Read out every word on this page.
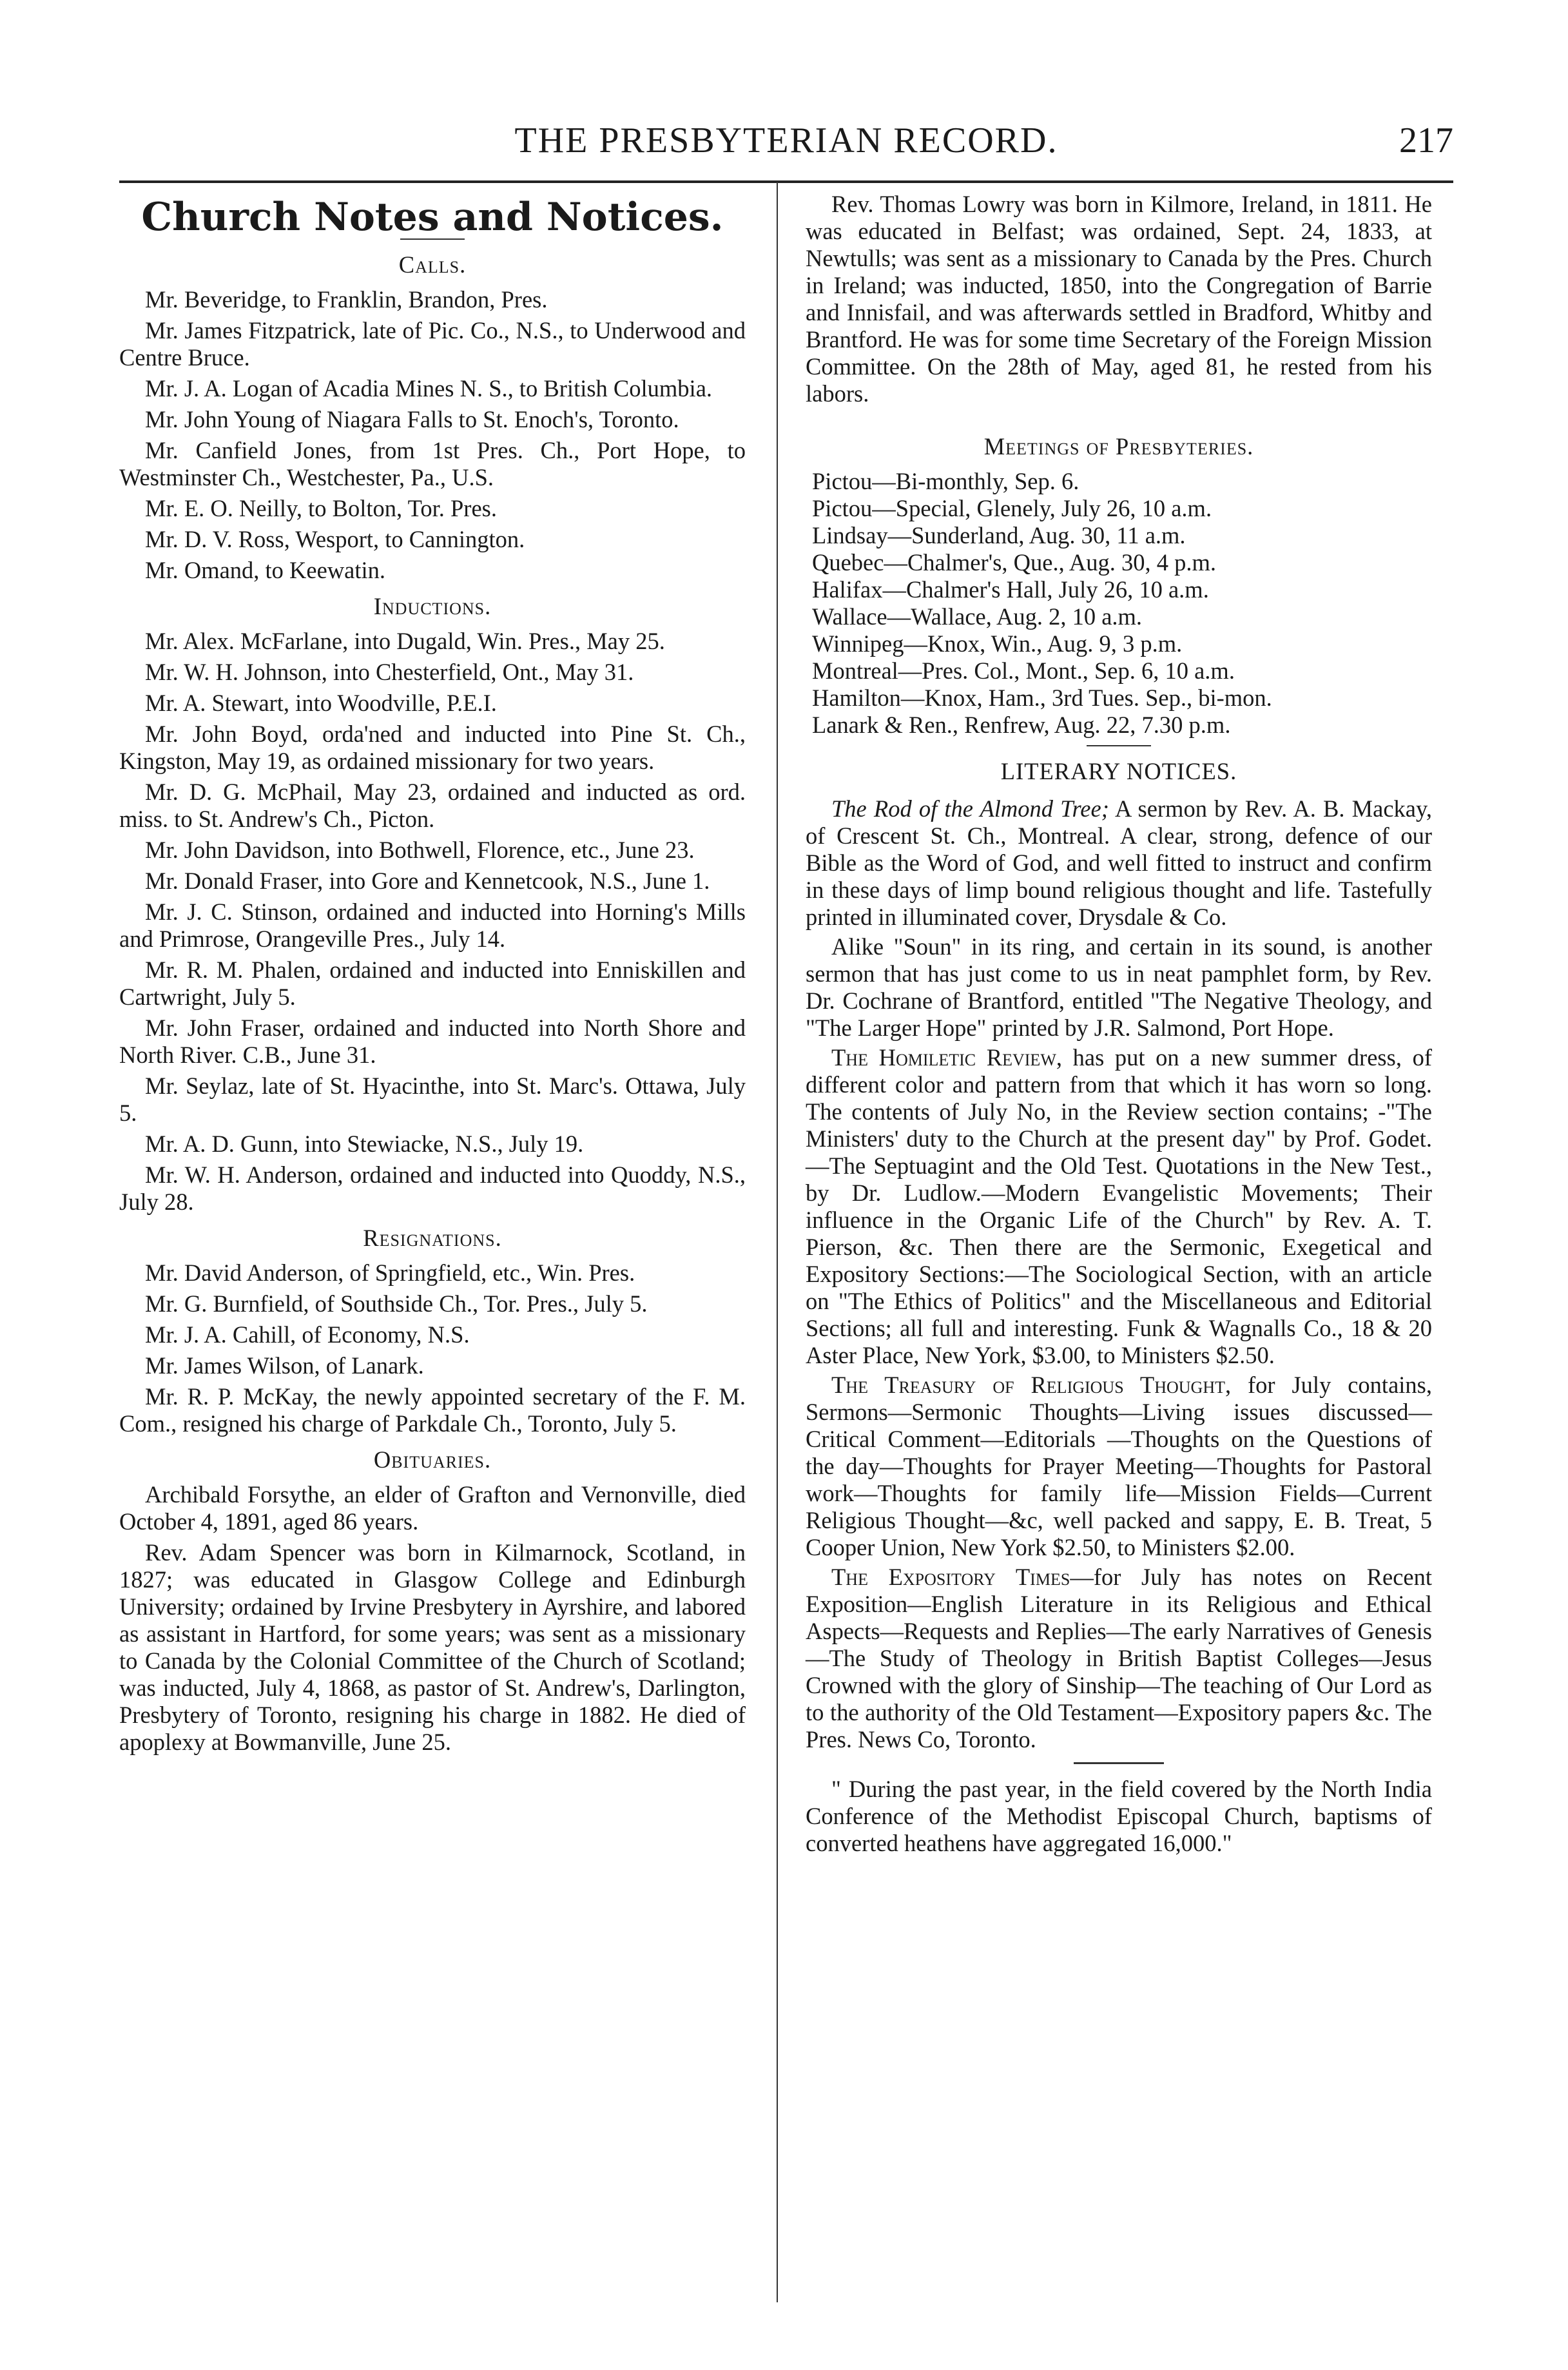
THE PRESBYTERIAN RECORD.	217
Church Notes and Notices.
Calls.

Mr. Beveridge, to Franklin, Brandon, Pres.

Mr. James Fitzpatrick, late of Pic. Co., N.S., to Underwood and Centre Bruce.

Mr. J. A. Logan of Acadia Mines N. S., to British Columbia.

Mr. John Young of Niagara Falls to St. Enoch's, Toronto.

Mr. Canfield Jones, from 1st Pres. Ch., Port Hope, to Westminster Ch., Westchester, Pa., U.S.

Mr. E. O. Neilly, to Bolton, Tor. Pres.

Mr. D. V. Ross, Wesport, to Cannington.

Mr. Omand, to Keewatin.

Inductions.

Mr. Alex. McFarlane, into Dugald, Win. Pres., May 25.

Mr. W. H. Johnson, into Chesterfield, Ont., May 31.

Mr. A. Stewart, into Woodville, P.E.I.

Mr. John Boyd, orda'ned and inducted into Pine St. Ch., Kingston, May 19, as ordained missionary for two years.

Mr. D. G. McPhail, May 23, ordained and inducted as ord. miss. to St. Andrew's Ch., Picton.

Mr. John Davidson, into Bothwell, Florence, etc., June 23.

Mr. Donald Fraser, into Gore and Kennetcook, N.S., June 1.

Mr. J. C. Stinson, ordained and inducted into Horning's Mills and Primrose, Orangeville Pres., July 14.

Mr. R. M. Phalen, ordained and inducted into Enniskillen and Cartwright, July 5.

Mr. John Fraser, ordained and inducted into North Shore and North River. C.B., June 31.

Mr. Seylaz, late of St. Hyacinthe, into St. Marc's. Ottawa, July 5.

Mr. A. D. Gunn, into Stewiacke, N.S., July 19.

Mr. W. H. Anderson, ordained and inducted into Quoddy, N.S., July 28.

Resignations.

Mr. David Anderson, of Springfield, etc., Win. Pres.

Mr. G. Burnfield, of Southside Ch., Tor. Pres., July 5.

Mr. J. A. Cahill, of Economy, N.S.

Mr. James Wilson, of Lanark.

Mr. R. P. McKay, the newly appointed secretary of the F. M. Com., resigned his charge of Parkdale Ch., Toronto, July 5.

Obituaries.

Archibald Forsythe, an elder of Grafton and Vernonville, died October 4, 1891, aged 86 years.

Rev. Adam Spencer was born in Kilmarnock, Scotland, in 1827; was educated in Glasgow College and Edinburgh University; ordained by Irvine Presbytery in Ayrshire, and labored as assistant in Hartford, for some years; was sent as a missionary to Canada by the Colonial Committee of the Church of Scotland; was inducted, July 4, 1868, as pastor of St. Andrew's, Darlington, Presbytery of Toronto, resigning his charge in 1882. He died of apoplexy at Bowmanville, June 25.

Rev. Thomas Lowry was born in Kilmore, Ireland, in 1811. He was educated in Belfast; was ordained, Sept. 24, 1833, at Newtulls; was sent as a missionary to Canada by the Pres. Church in Ireland; was inducted, 1850, into the Congregation of Barrie and Innisfail, and was afterwards settled in Bradford, Whitby and Brantford. He was for some time Secretary of the Foreign Mission Committee. On the 28th of May, aged 81, he rested from his labors.

Meetings of Presbyteries.

Pictou—Bi-monthly, Sep. 6.

Pictou—Special, Glenely, July 26, 10 a.m.

Lindsay—Sunderland, Aug. 30, 11 a.m.

Quebec—Chalmer's, Que., Aug. 30, 4 p.m.

Halifax—Chalmer's Hall, July 26, 10 a.m.

Wallace—Wallace, Aug. 2, 10 a.m.

Winnipeg—Knox, Win., Aug. 9, 3 p.m.

Montreal—Pres. Col., Mont., Sep. 6, 10 a.m.

Hamilton—Knox, Ham., 3rd Tues. Sep., bi-mon.

Lanark & Ren., Renfrew, Aug. 22, 7.30 p.m.

LITERARY NOTICES.

The Rod of the Almond Tree; A sermon by Rev. A. B. Mackay, of Crescent St. Ch., Montreal. A clear, strong, defence of our Bible as the Word of God, and well fitted to instruct and confirm in these days of limp bound religious thought and life. Tastefully printed in illuminated cover, Drysdale & Co.

Alike "Soun" in its ring, and certain in its sound, is another sermon that has just come to us in neat pamphlet form, by Rev. Dr. Cochrane of Brantford, entitled "The Negative Theology, and "The Larger Hope" printed by J.R. Salmond, Port Hope.

The Homiletic Review, has put on a new summer dress, of different color and pattern from that which it has worn so long. The contents of July No, in the Review section contains; -"The Ministers' duty to the Church at the present day" by Prof. Godet.—The Septuagint and the Old Test. Quotations in the New Test., by Dr. Ludlow.—Modern Evangelistic Movements; Their influence in the Organic Life of the Church" by Rev. A. T. Pierson, &c. Then there are the Sermonic, Exegetical and Expository Sections:—The Sociological Section, with an article on "The Ethics of Politics" and the Miscellaneous and Editorial Sections; all full and interesting. Funk & Wagnalls Co., 18 & 20 Aster Place, New York, $3.00, to Ministers $2.50.

The Treasury of Religious Thought, for July contains, Sermons—Sermonic Thoughts—Living issues discussed—Critical Comment—Editorials —Thoughts on the Questions of the day—Thoughts for Prayer Meeting—Thoughts for Pastoral work—Thoughts for family life—Mission Fields—Current Religious Thought—&c, well packed and sappy, E. B. Treat, 5 Cooper Union, New York $2.50, to Ministers $2.00.

The Expository Times—for July has notes on Recent Exposition—English Literature in its Religious and Ethical Aspects—Requests and Replies—The early Narratives of Genesis—The Study of Theology in British Baptist Colleges—Jesus Crowned with the glory of Sinship—The teaching of Our Lord as to the authority of the Old Testament—Expository papers &c. The Pres. News Co, Toronto.

" During the past year, in the field covered by the North India Conference of the Methodist Episcopal Church, baptisms of converted heathens have aggregated 16,000."
